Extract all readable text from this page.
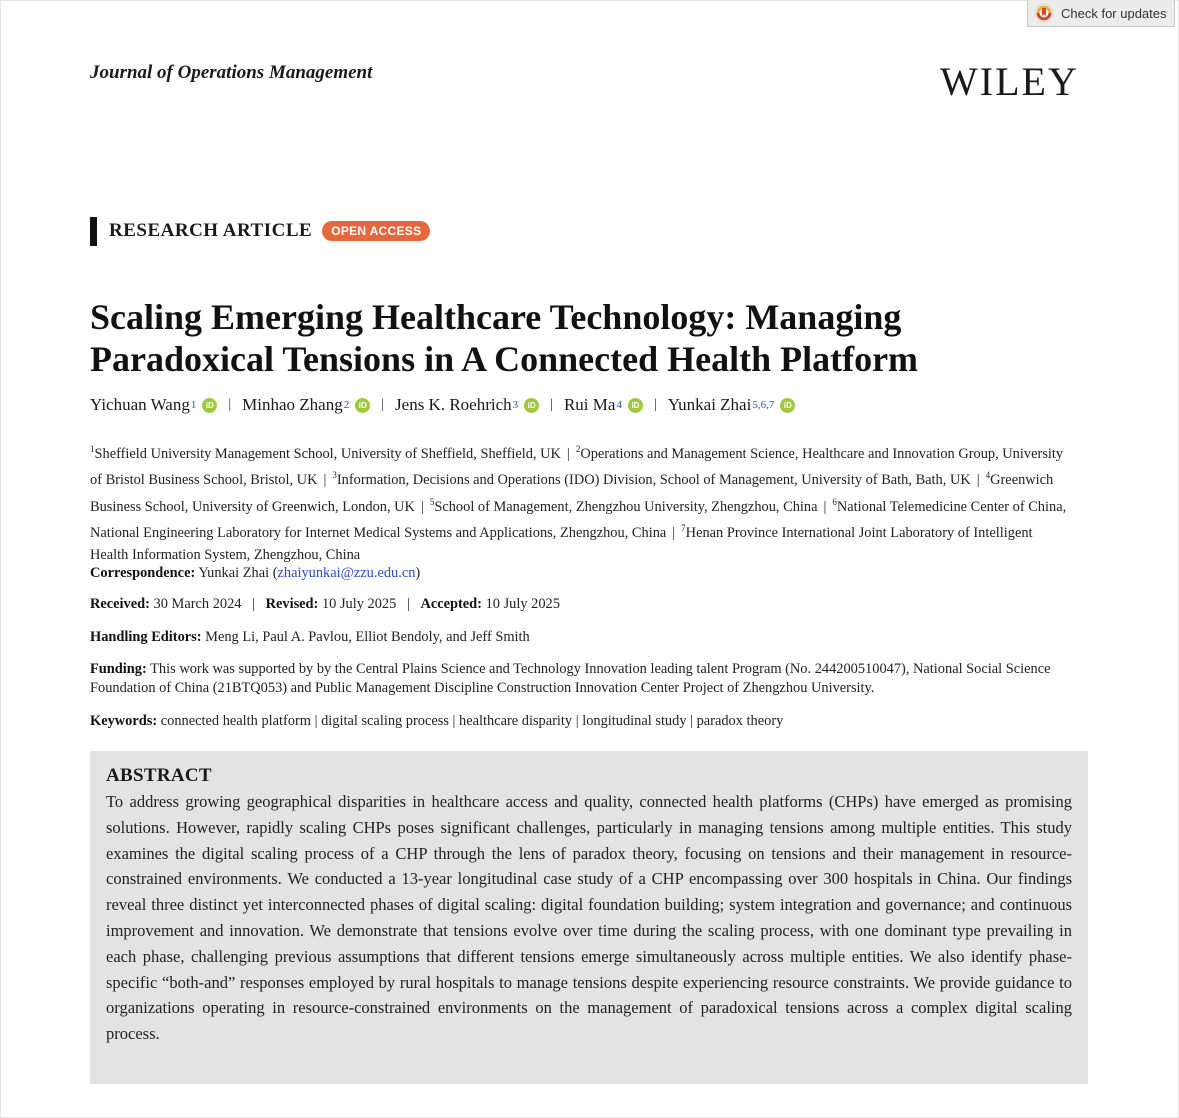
Check for updates
Journal of Operations Management	WILEY
RESEARCH ARTICLE	OPEN ACCESS
Scaling Emerging Healthcare Technology: Managing Paradoxical Tensions in A Connected Health Platform
Yichuan Wang 1	iD | Minhao Zhang 2	iD | Jens K. Roehrich 3	iD | Rui Ma 4	iD | Yunkai Zhai 5,6,7	iD
$^1$Sheffield University Management School, University of Sheffield, Sheffield, UK | $^2$Operations and Management Science, Healthcare and Innovation Group, University of Bristol Business School, Bristol, UK | $^3$Information, Decisions and Operations (IDO) Division, School of Management, University of Bath, Bath, UK | $^4$Greenwich Business School, University of Greenwich, London, UK | $^5$School of Management, Zhengzhou University, Zhengzhou, China | $^6$National Telemedicine Center of China, National Engineering Laboratory for Internet Medical Systems and Applications, Zhengzhou, China | $^7$Henan Province International Joint Laboratory of Intelligent Health Information System, Zhengzhou, China
Correspondence: Yunkai Zhai (zhaiyunkai@zzu.edu.cn)
Received: 30 March 2024 | Revised: 10 July 2025 | Accepted: 10 July 2025
Handling Editors: Meng Li, Paul A. Pavlou, Elliot Bendoly, and Jeff Smith
Funding: This work was supported by by the Central Plains Science and Technology Innovation leading talent Program (No. 244200510047), National Social Science Foundation of China (21BTQ053) and Public Management Discipline Construction Innovation Center Project of Zhengzhou University.
Keywords: connected health platform | digital scaling process | healthcare disparity | longitudinal study | paradox theory
ABSTRACT

To address growing geographical disparities in healthcare access and quality, connected health platforms (CHPs) have emerged as promising solutions. However, rapidly scaling CHPs poses significant challenges, particularly in managing tensions among multiple entities. This study examines the digital scaling process of a CHP through the lens of paradox theory, focusing on tensions and their management in resource-constrained environments. We conducted a 13-year longitudinal case study of a CHP encompassing over 300 hospitals in China. Our findings reveal three distinct yet interconnected phases of digital scaling: digital foundation building; system integration and governance; and continuous improvement and innovation. We demonstrate that tensions evolve over time during the scaling process, with one dominant type prevailing in each phase, challenging previous assumptions that different tensions emerge simultaneously across multiple entities. We also identify phase-specific “both-and” responses employed by rural hospitals to manage tensions despite experiencing resource constraints. We provide guidance to organizations operating in resource-constrained environments on the management of paradoxical tensions across a complex digital scaling process.
